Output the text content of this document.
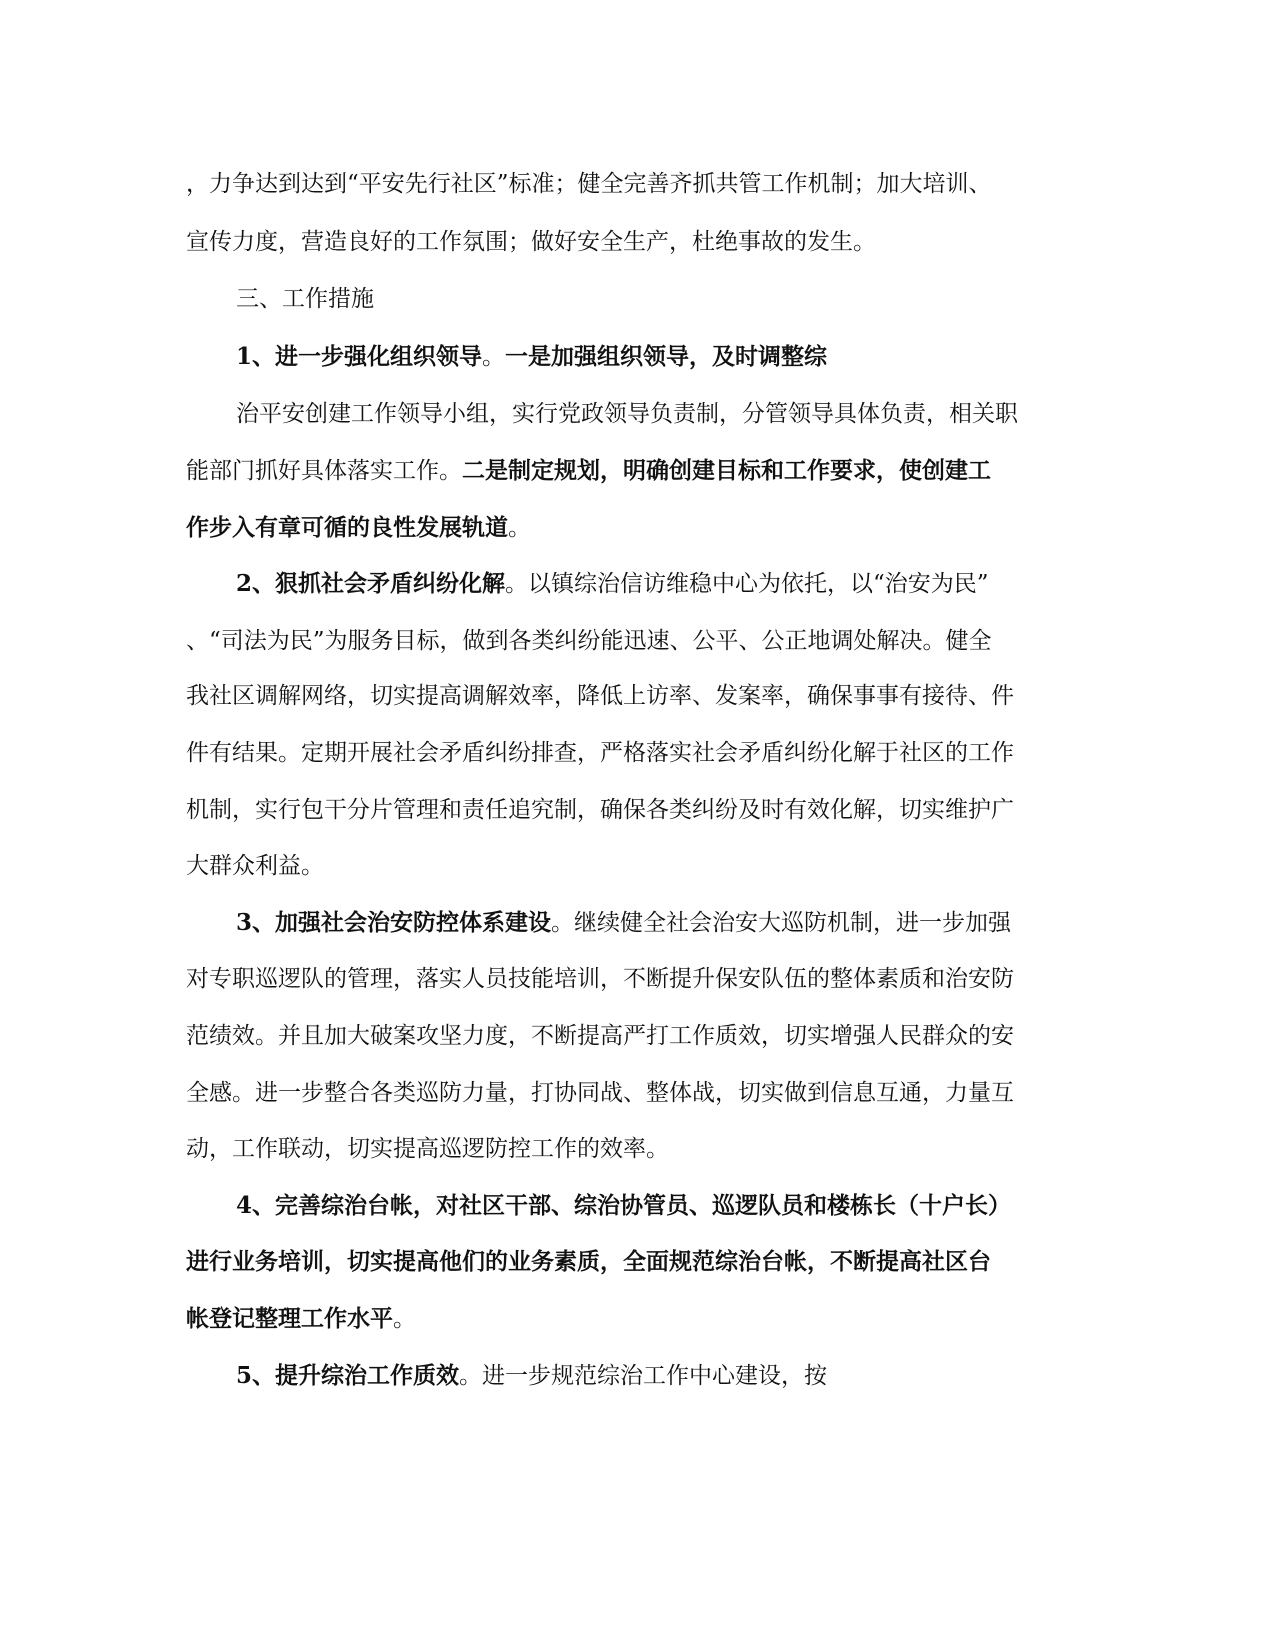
，力争达到达到“平安先行社区”标准；健全完善齐抓共管工作机制；加大培训、
宣传力度，营造良好的工作氛围；做好安全生产，杜绝事故的发生。
三、工作措施
1、进一步强化组织领导。一是加强组织领导，及时调整综
治平安创建工作领导小组，实行党政领导负责制，分管领导具体负责，相关职
能部门抓好具体落实工作。二是制定规划，明确创建目标和工作要求，使创建工
作步入有章可循的良性发展轨道。
2、狠抓社会矛盾纠纷化解。以镇综治信访维稳中心为依托，以“治安为民”
、“司法为民”为服务目标，做到各类纠纷能迅速、公平、公正地调处解决。健全
我社区调解网络，切实提高调解效率，降低上访率、发案率，确保事事有接待、件
件有结果。定期开展社会矛盾纠纷排查，严格落实社会矛盾纠纷化解于社区的工作
机制，实行包干分片管理和责任追究制，确保各类纠纷及时有效化解，切实维护广
大群众利益。
3、加强社会治安防控体系建设。继续健全社会治安大巡防机制，进一步加强
对专职巡逻队的管理，落实人员技能培训，不断提升保安队伍的整体素质和治安防
范绩效。并且加大破案攻坚力度，不断提高严打工作质效，切实增强人民群众的安
全感。进一步整合各类巡防力量，打协同战、整体战，切实做到信息互通，力量互
动，工作联动，切实提高巡逻防控工作的效率。
4、完善综治台帐，对社区干部、综治协管员、巡逻队员和楼栋长（十户长）
进行业务培训，切实提高他们的业务素质，全面规范综治台帐，不断提高社区台
帐登记整理工作水平。
5、提升综治工作质效。进一步规范综治工作中心建设，按
